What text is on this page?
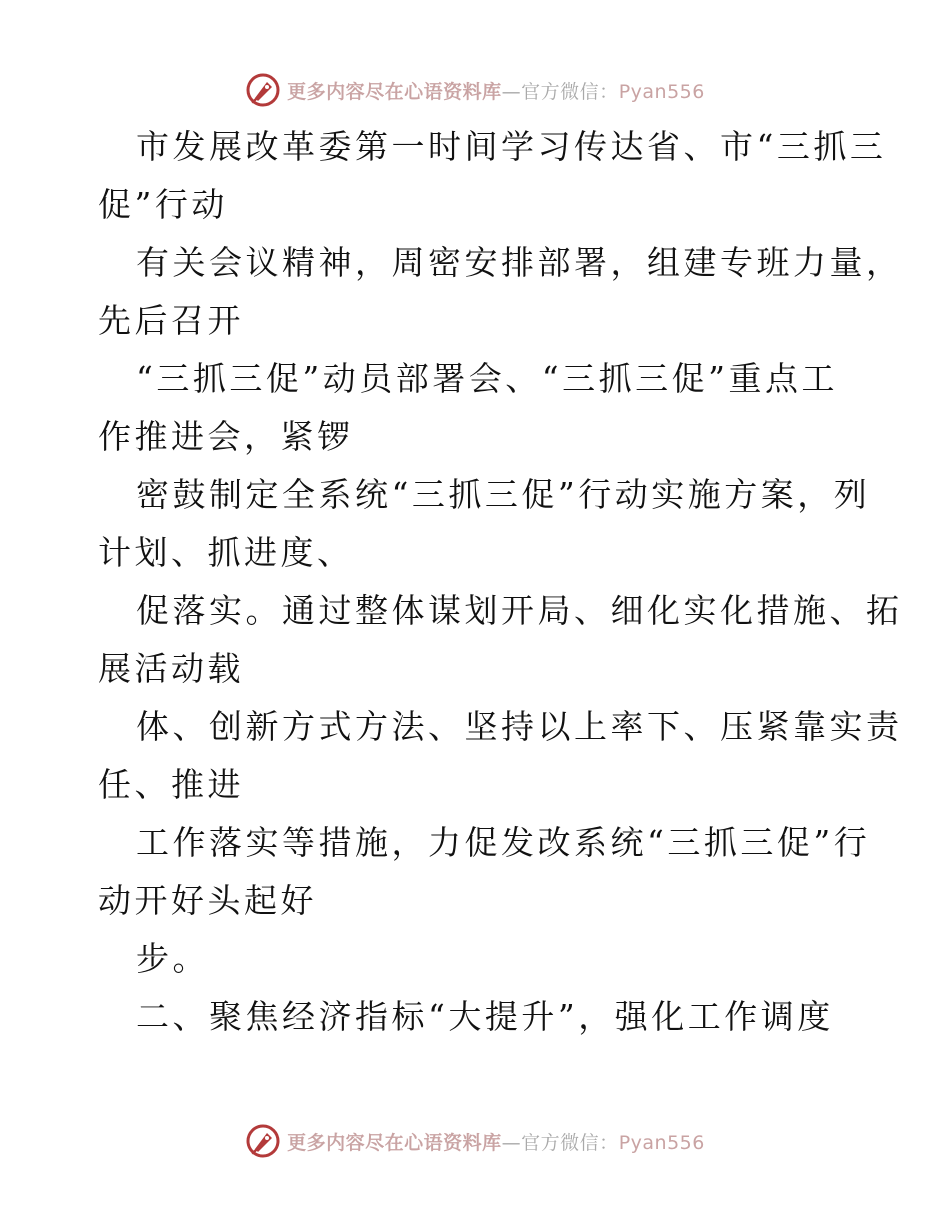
更多内容尽在心语资料库—官方微信：Pyan556
市发展改革委第一时间学习传达省、市“三抓三
促”行动
有关会议精神，周密安排部署，组建专班力量，
先后召开
“三抓三促”动员部署会、“三抓三促”重点工
作推进会，紧锣
密鼓制定全系统“三抓三促”行动实施方案，列
计划、抓进度、
促落实。通过整体谋划开局、细化实化措施、拓
展活动载
体、创新方式方法、坚持以上率下、压紧靠实责
任、推进
工作落实等措施，力促发改系统“三抓三促”行
动开好头起好
步。
二、聚焦经济指标“大提升”，强化工作调度
更多内容尽在心语资料库—官方微信：Pyan556
